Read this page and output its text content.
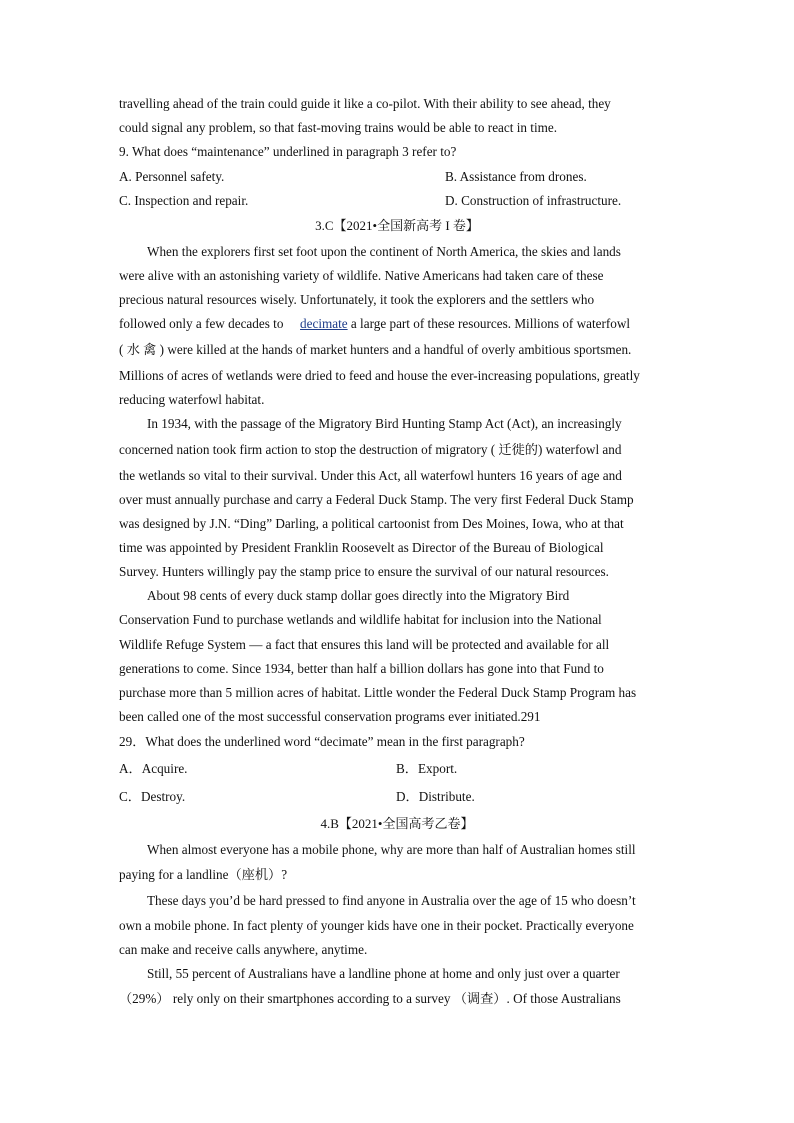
travelling ahead of the train could guide it like a co-pilot. With their ability to see ahead, they
could signal any problem, so that fast-moving trains would be able to react in time.
9. What does “maintenance” underlined in paragraph 3 refer to?
A. Personnel safety.	B. Assistance from drones.
C. Inspection and repair.	D. Construction of infrastructure.
3.C【2021•全国新高考 I 卷】
When the explorers first set foot upon the continent of North America, the skies and lands
were alive with an astonishing variety of wildlife. Native Americans had taken care of these
precious natural resources wisely. Unfortunately, it took the explorers and the settlers who
followed only a few decades to decimate a large part of these resources. Millions of waterfowl
( 水 禽 ) were killed at the hands of market hunters and a handful of overly ambitious sportsmen.
Millions of acres of wetlands were dried to feed and house the ever-increasing populations, greatly
reducing waterfowl habitat.
In 1934, with the passage of the Migratory Bird Hunting Stamp Act (Act), an increasingly
concerned nation took firm action to stop the destruction of migratory ( 迁徙的) waterfowl and
the wetlands so vital to their survival. Under this Act, all waterfowl hunters 16 years of age and
over must annually purchase and carry a Federal Duck Stamp. The very first Federal Duck Stamp
was designed by J.N. “Ding” Darling, a political cartoonist from Des Moines, Iowa, who at that
time was appointed by President Franklin Roosevelt as Director of the Bureau of Biological
Survey. Hunters willingly pay the stamp price to ensure the survival of our natural resources.
About 98 cents of every duck stamp dollar goes directly into the Migratory Bird
Conservation Fund to purchase wetlands and wildlife habitat for inclusion into the National
Wildlife Refuge System — a fact that ensures this land will be protected and available for all
generations to come. Since 1934, better than half a billion dollars has gone into that Fund to
purchase more than 5 million acres of habitat. Little wonder the Federal Duck Stamp Program has
been called one of the most successful conservation programs ever initiated.291
29．What does the underlined word “decimate” mean in the first paragraph?
A．Acquire.	B．Export.
C．Destroy.	D．Distribute.
4.B【2021•全国高考乙卷】
When almost everyone has a mobile phone, why are more than half of Australian homes still
paying for a landline（座机）?
These days you’d be hard pressed to find anyone in Australia over the age of 15 who doesn’t
own a mobile phone. In fact plenty of younger kids have one in their pocket. Practically everyone
can make and receive calls anywhere, anytime.
Still, 55 percent of Australians have a landline phone at home and only just over a quarter
（29%） rely only on their smartphones according to a survey （调查）. Of those Australians
